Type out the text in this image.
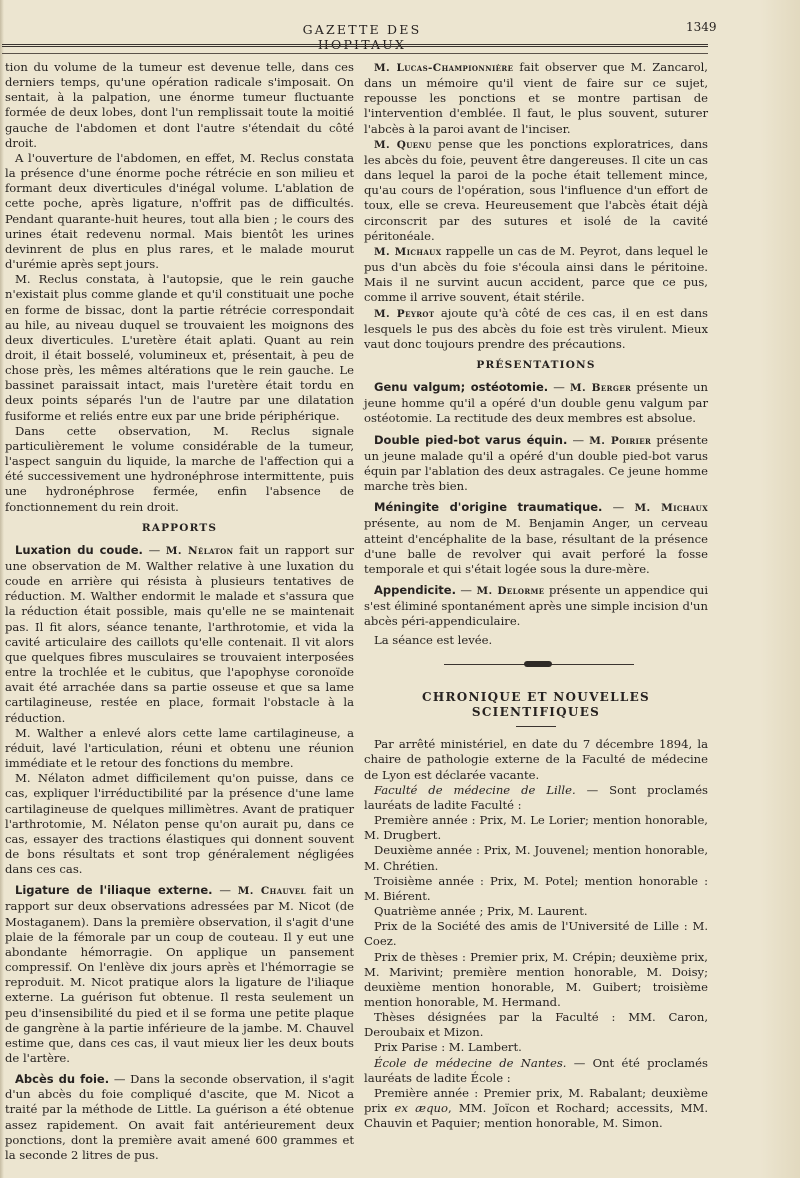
GAZETTE DES HOPITAUX
1349

tion du volume de la tumeur est devenue telle, dans ces derniers temps, qu'une opération radicale s'imposait. On sentait, à la palpation, une énorme tumeur fluctuante formée de deux lobes, dont l'un remplissait toute la moitié gauche de l'abdomen et dont l'autre s'étendait du côté droit.

A l'ouverture de l'abdomen, en effet, M. Reclus constata la présence d'une énorme poche rétrécie en son milieu et formant deux diverticules d'inégal volume. L'ablation de cette poche, après ligature, n'offrit pas de difficultés. Pendant quarante-huit heures, tout alla bien ; le cours des urines était redevenu normal. Mais bientôt les urines devinrent de plus en plus rares, et le malade mourut d'urémie après sept jours.

M. Reclus constata, à l'autopsie, que le rein gauche n'existait plus comme glande et qu'il constituait une poche en forme de bissac, dont la partie rétrécie correspondait au hile, au niveau duquel se trouvaient les moignons des deux diverticules. L'uretère était aplati. Quant au rein droit, il était bosselé, volumineux et, présentait, à peu de chose près, les mêmes altérations que le rein gauche. Le bassinet paraissait intact, mais l'uretère était tordu en deux points séparés l'un de l'autre par une dilatation fusiforme et reliés entre eux par une bride périphérique.

Dans cette observation, M. Reclus signale particulièrement le volume considérable de la tumeur, l'aspect sanguin du liquide, la marche de l'affection qui a été successivement une hydronéphrose intermittente, puis une hydronéphrose fermée, enfin l'absence de fonctionnement du rein droit.

RAPPORTS

Luxation du coude. — M. Nélaton fait un rapport sur une observation de M. Walther relative à une luxation du coude en arrière qui résista à plusieurs tentatives de réduction. M. Walther endormit le malade et s'assura que la réduction était possible, mais qu'elle ne se maintenait pas. Il fit alors, séance tenante, l'arthrotomie, et vida la cavité articulaire des caillots qu'elle contenait. Il vit alors que quelques fibres musculaires se trouvaient interposées entre la trochlée et le cubitus, que l'apophyse coronoïde avait été arrachée dans sa partie osseuse et que sa lame cartilagineuse, restée en place, formait l'obstacle à la réduction.

M. Walther a enlevé alors cette lame cartilagineuse, a réduit, lavé l'articulation, réuni et obtenu une réunion immédiate et le retour des fonctions du membre.

M. Nélaton admet difficilement qu'on puisse, dans ce cas, expliquer l'irréductibilité par la présence d'une lame cartilagineuse de quelques millimètres. Avant de pratiquer l'arthrotomie, M. Nélaton pense qu'on aurait pu, dans ce cas, essayer des tractions élastiques qui donnent souvent de bons résultats et sont trop généralement négligées dans ces cas.

Ligature de l'iliaque externe. — M. Chauvel fait un rapport sur deux observations adressées par M. Nicot (de Mostaganem). Dans la première observation, il s'agit d'une plaie de la fémorale par un coup de couteau. Il y eut une abondante hémorragie. On applique un pansement compressif. On l'enlève dix jours après et l'hémorragie se reproduit. M. Nicot pratique alors la ligature de l'iliaque externe. La guérison fut obtenue. Il resta seulement un peu d'insensibilité du pied et il se forma une petite plaque de gangrène à la partie inférieure de la jambe. M. Chauvel estime que, dans ces cas, il vaut mieux lier les deux bouts de l'artère.

Abcès du foie. — Dans la seconde observation, il s'agit d'un abcès du foie compliqué d'ascite, que M. Nicot a traité par la méthode de Little. La guérison a été obtenue assez rapidement. On avait fait antérieurement deux ponctions, dont la première avait amené 600 grammes et la seconde 2 litres de pus.

M. Lucas-Championnière fait observer que M. Zancarol, dans un mémoire qu'il vient de faire sur ce sujet, repousse les ponctions et se montre partisan de l'intervention d'emblée. Il faut, le plus souvent, suturer l'abcès à la paroi avant de l'inciser.

M. Quenu pense que les ponctions exploratrices, dans les abcès du foie, peuvent être dangereuses. Il cite un cas dans lequel la paroi de la poche était tellement mince, qu'au cours de l'opération, sous l'influence d'un effort de toux, elle se creva. Heureusement que l'abcès était déjà circonscrit par des sutures et isolé de la cavité péritonéale.

M. Michaux rappelle un cas de M. Peyrot, dans lequel le pus d'un abcès du foie s'écoula ainsi dans le péritoine. Mais il ne survint aucun accident, parce que ce pus, comme il arrive souvent, était stérile.

M. Peyrot ajoute qu'à côté de ces cas, il en est dans lesquels le pus des abcès du foie est très virulent. Mieux vaut donc toujours prendre des précautions.

PRÉSENTATIONS

Genu valgum; ostéotomie. — M. Berger présente un jeune homme qu'il a opéré d'un double genu valgum par ostéotomie. La rectitude des deux membres est absolue.

Double pied-bot varus équin. — M. Poirier présente un jeune malade qu'il a opéré d'un double pied-bot varus équin par l'ablation des deux astragales. Ce jeune homme marche très bien.

Méningite d'origine traumatique. — M. Michaux présente, au nom de M. Benjamin Anger, un cerveau atteint d'encéphalite de la base, résultant de la présence d'une balle de revolver qui avait perforé la fosse temporale et qui s'était logée sous la dure-mère.

Appendicite. — M. Delorme présente un appendice qui s'est éliminé spontanément après une simple incision d'un abcès péri-appendiculaire.

La séance est levée.

CHRONIQUE ET NOUVELLES SCIENTIFIQUES

Par arrêté ministériel, en date du 7 décembre 1894, la chaire de pathologie externe de la Faculté de médecine de Lyon est déclarée vacante.

Faculté de médecine de Lille. — Sont proclamés lauréats de ladite Faculté :

Première année : Prix, M. Le Lorier; mention honorable, M. Drugbert.

Deuxième année : Prix, M. Jouvenel; mention honorable, M. Chrétien.

Troisième année : Prix, M. Potel; mention honorable : M. Biérent.

Quatrième année ; Prix, M. Laurent.

Prix de la Société des amis de l'Université de Lille : M. Coez.

Prix de thèses : Premier prix, M. Crépin; deuxième prix, M. Marivint; première mention honorable, M. Doisy; deuxième mention honorable, M. Guibert; troisième mention honorable, M. Hermand.

Thèses désignées par la Faculté : MM. Caron, Deroubaix et Mizon.

Prix Parise : M. Lambert.

École de médecine de Nantes. — Ont été proclamés lauréats de ladite École :

Première année : Premier prix, M. Rabalant; deuxième prix ex æquo, MM. Joïcon et Rochard; accessits, MM. Chauvin et Paquier; mention honorable, M. Simon.
